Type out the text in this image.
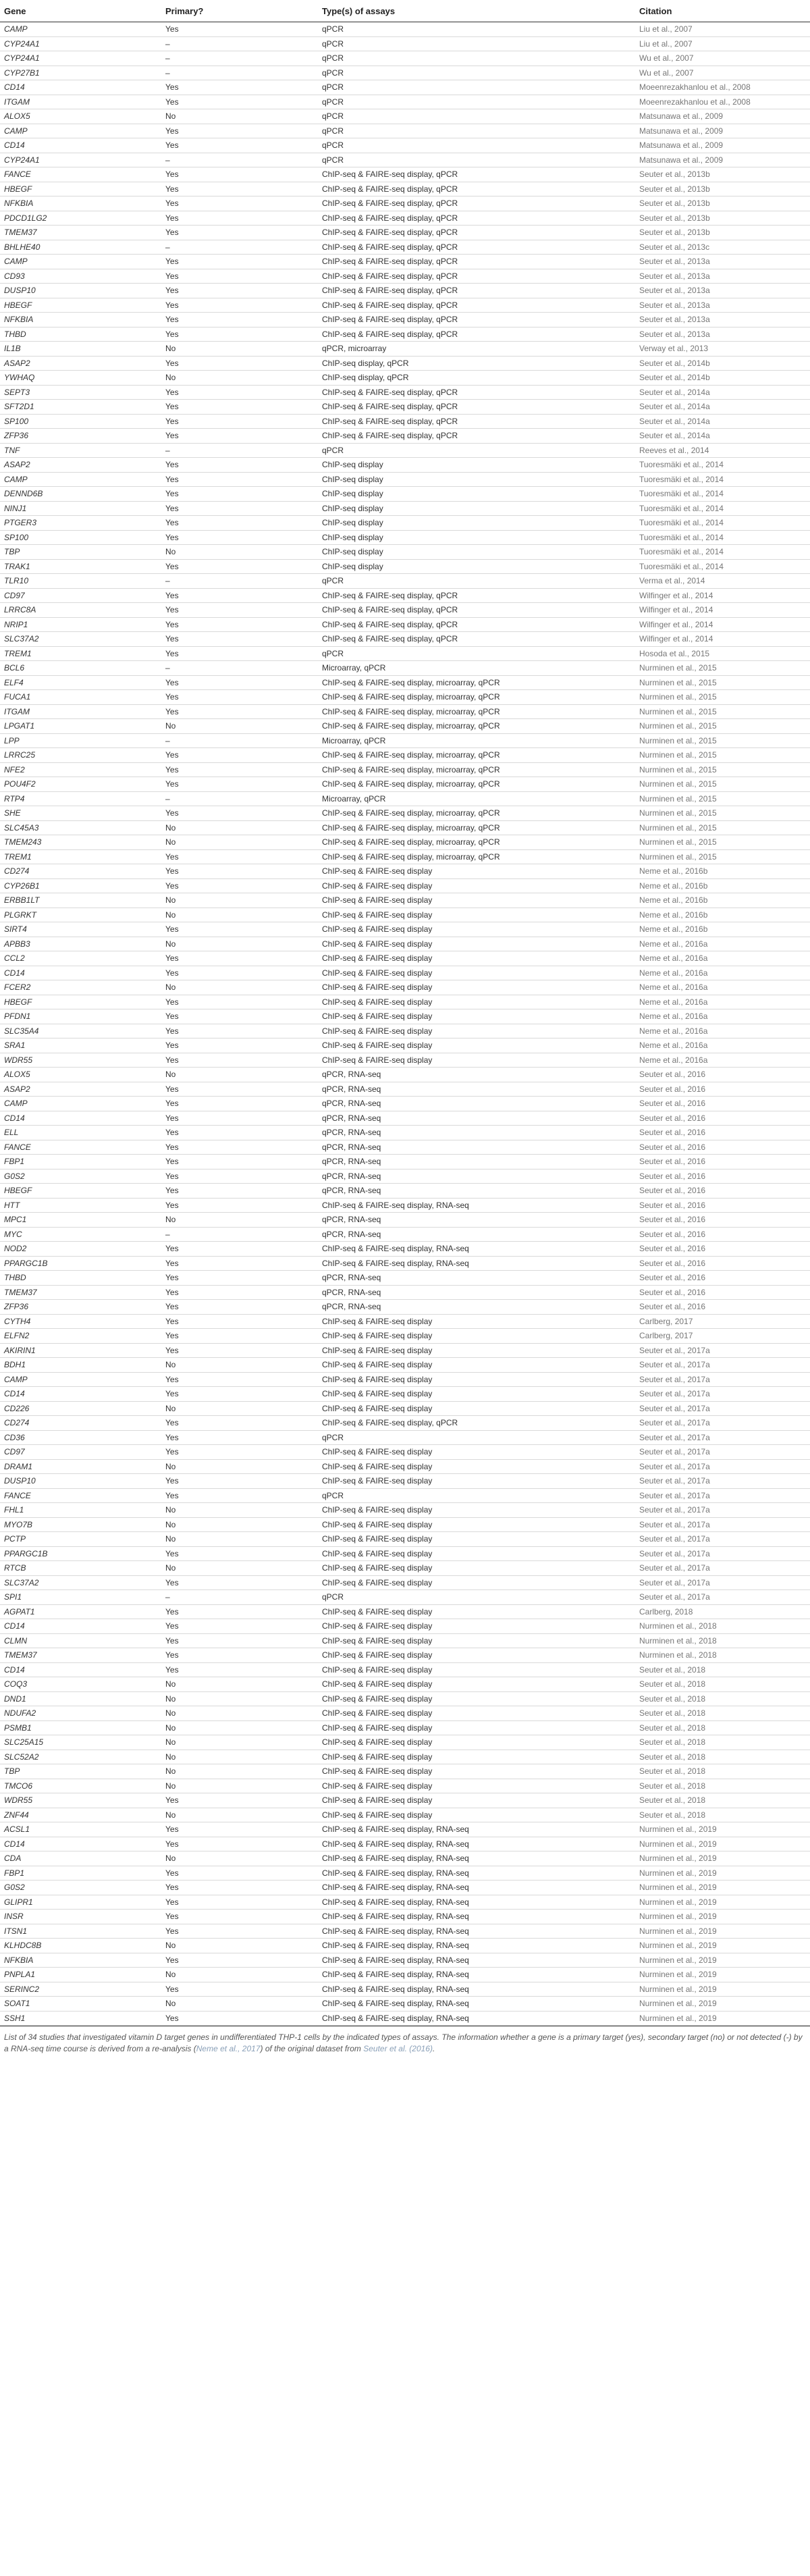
Gene	Primary?	Type(s) of assays	Citation
CAMP	Yes	qPCR	Liu et al., 2007
CYP24A1	–	qPCR	Liu et al., 2007
CYP24A1	–	qPCR	Wu et al., 2007
CYP27B1	–	qPCR	Wu et al., 2007
CD14	Yes	qPCR	Moeenrezakhanlou et al., 2008
ITGAM	Yes	qPCR	Moeenrezakhanlou et al., 2008
ALOX5	No	qPCR	Matsunawa et al., 2009
CAMP	Yes	qPCR	Matsunawa et al., 2009
CD14	Yes	qPCR	Matsunawa et al., 2009
CYP24A1	–	qPCR	Matsunawa et al., 2009
FANCE	Yes	ChIP-seq & FAIRE-seq display, qPCR	Seuter et al., 2013b
HBEGF	Yes	ChIP-seq & FAIRE-seq display, qPCR	Seuter et al., 2013b
NFKBIA	Yes	ChIP-seq & FAIRE-seq display, qPCR	Seuter et al., 2013b
PDCD1LG2	Yes	ChIP-seq & FAIRE-seq display, qPCR	Seuter et al., 2013b
TMEM37	Yes	ChIP-seq & FAIRE-seq display, qPCR	Seuter et al., 2013b
BHLHE40	–	ChIP-seq & FAIRE-seq display, qPCR	Seuter et al., 2013c
CAMP	Yes	ChIP-seq & FAIRE-seq display, qPCR	Seuter et al., 2013a
CD93	Yes	ChIP-seq & FAIRE-seq display, qPCR	Seuter et al., 2013a
DUSP10	Yes	ChIP-seq & FAIRE-seq display, qPCR	Seuter et al., 2013a
HBEGF	Yes	ChIP-seq & FAIRE-seq display, qPCR	Seuter et al., 2013a
NFKBIA	Yes	ChIP-seq & FAIRE-seq display, qPCR	Seuter et al., 2013a
THBD	Yes	ChIP-seq & FAIRE-seq display, qPCR	Seuter et al., 2013a
IL1B	No	qPCR, microarray	Verway et al., 2013
ASAP2	Yes	ChIP-seq display, qPCR	Seuter et al., 2014b
YWHAQ	No	ChIP-seq display, qPCR	Seuter et al., 2014b
SEPT3	Yes	ChIP-seq & FAIRE-seq display, qPCR	Seuter et al., 2014a
SFT2D1	Yes	ChIP-seq & FAIRE-seq display, qPCR	Seuter et al., 2014a
SP100	Yes	ChIP-seq & FAIRE-seq display, qPCR	Seuter et al., 2014a
ZFP36	Yes	ChIP-seq & FAIRE-seq display, qPCR	Seuter et al., 2014a
TNF	–	qPCR	Reeves et al., 2014
ASAP2	Yes	ChIP-seq display	Tuoresmäki et al., 2014
CAMP	Yes	ChIP-seq display	Tuoresmäki et al., 2014
DENND6B	Yes	ChIP-seq display	Tuoresmäki et al., 2014
NINJ1	Yes	ChIP-seq display	Tuoresmäki et al., 2014
PTGER3	Yes	ChIP-seq display	Tuoresmäki et al., 2014
SP100	Yes	ChIP-seq display	Tuoresmäki et al., 2014
TBP	No	ChIP-seq display	Tuoresmäki et al., 2014
TRAK1	Yes	ChIP-seq display	Tuoresmäki et al., 2014
TLR10	–	qPCR	Verma et al., 2014
CD97	Yes	ChIP-seq & FAIRE-seq display, qPCR	Wilfinger et al., 2014
LRRC8A	Yes	ChIP-seq & FAIRE-seq display, qPCR	Wilfinger et al., 2014
NRIP1	Yes	ChIP-seq & FAIRE-seq display, qPCR	Wilfinger et al., 2014
SLC37A2	Yes	ChIP-seq & FAIRE-seq display, qPCR	Wilfinger et al., 2014
TREM1	Yes	qPCR	Hosoda et al., 2015
BCL6	–	Microarray, qPCR	Nurminen et al., 2015
ELF4	Yes	ChIP-seq & FAIRE-seq display, microarray, qPCR	Nurminen et al., 2015
FUCA1	Yes	ChIP-seq & FAIRE-seq display, microarray, qPCR	Nurminen et al., 2015
ITGAM	Yes	ChIP-seq & FAIRE-seq display, microarray, qPCR	Nurminen et al., 2015
LPGAT1	No	ChIP-seq & FAIRE-seq display, microarray, qPCR	Nurminen et al., 2015
LPP	–	Microarray, qPCR	Nurminen et al., 2015
LRRC25	Yes	ChIP-seq & FAIRE-seq display, microarray, qPCR	Nurminen et al., 2015
NFE2	Yes	ChIP-seq & FAIRE-seq display, microarray, qPCR	Nurminen et al., 2015
POU4F2	Yes	ChIP-seq & FAIRE-seq display, microarray, qPCR	Nurminen et al., 2015
RTP4	–	Microarray, qPCR	Nurminen et al., 2015
SHE	Yes	ChIP-seq & FAIRE-seq display, microarray, qPCR	Nurminen et al., 2015
SLC45A3	No	ChIP-seq & FAIRE-seq display, microarray, qPCR	Nurminen et al., 2015
TMEM243	No	ChIP-seq & FAIRE-seq display, microarray, qPCR	Nurminen et al., 2015
TREM1	Yes	ChIP-seq & FAIRE-seq display, microarray, qPCR	Nurminen et al., 2015
CD274	Yes	ChIP-seq & FAIRE-seq display	Neme et al., 2016b
CYP26B1	Yes	ChIP-seq & FAIRE-seq display	Neme et al., 2016b
ERBB1LT	No	ChIP-seq & FAIRE-seq display	Neme et al., 2016b
PLGRKT	No	ChIP-seq & FAIRE-seq display	Neme et al., 2016b
SIRT4	Yes	ChIP-seq & FAIRE-seq display	Neme et al., 2016b
APBB3	No	ChIP-seq & FAIRE-seq display	Neme et al., 2016a
CCL2	Yes	ChIP-seq & FAIRE-seq display	Neme et al., 2016a
CD14	Yes	ChIP-seq & FAIRE-seq display	Neme et al., 2016a
FCER2	No	ChIP-seq & FAIRE-seq display	Neme et al., 2016a
HBEGF	Yes	ChIP-seq & FAIRE-seq display	Neme et al., 2016a
PFDN1	Yes	ChIP-seq & FAIRE-seq display	Neme et al., 2016a
SLC35A4	Yes	ChIP-seq & FAIRE-seq display	Neme et al., 2016a
SRA1	Yes	ChIP-seq & FAIRE-seq display	Neme et al., 2016a
WDR55	Yes	ChIP-seq & FAIRE-seq display	Neme et al., 2016a
ALOX5	No	qPCR, RNA-seq	Seuter et al., 2016
ASAP2	Yes	qPCR, RNA-seq	Seuter et al., 2016
CAMP	Yes	qPCR, RNA-seq	Seuter et al., 2016
CD14	Yes	qPCR, RNA-seq	Seuter et al., 2016
ELL	Yes	qPCR, RNA-seq	Seuter et al., 2016
FANCE	Yes	qPCR, RNA-seq	Seuter et al., 2016
FBP1	Yes	qPCR, RNA-seq	Seuter et al., 2016
G0S2	Yes	qPCR, RNA-seq	Seuter et al., 2016
HBEGF	Yes	qPCR, RNA-seq	Seuter et al., 2016
HTT	Yes	ChIP-seq & FAIRE-seq display, RNA-seq	Seuter et al., 2016
MPC1	No	qPCR, RNA-seq	Seuter et al., 2016
MYC	–	qPCR, RNA-seq	Seuter et al., 2016
NOD2	Yes	ChIP-seq & FAIRE-seq display, RNA-seq	Seuter et al., 2016
PPARGC1B	Yes	ChIP-seq & FAIRE-seq display, RNA-seq	Seuter et al., 2016
THBD	Yes	qPCR, RNA-seq	Seuter et al., 2016
TMEM37	Yes	qPCR, RNA-seq	Seuter et al., 2016
ZFP36	Yes	qPCR, RNA-seq	Seuter et al., 2016
CYTH4	Yes	ChIP-seq & FAIRE-seq display	Carlberg, 2017
ELFN2	Yes	ChIP-seq & FAIRE-seq display	Carlberg, 2017
AKIRIN1	Yes	ChIP-seq & FAIRE-seq display	Seuter et al., 2017a
BDH1	No	ChIP-seq & FAIRE-seq display	Seuter et al., 2017a
CAMP	Yes	ChIP-seq & FAIRE-seq display	Seuter et al., 2017a
CD14	Yes	ChIP-seq & FAIRE-seq display	Seuter et al., 2017a
CD226	No	ChIP-seq & FAIRE-seq display	Seuter et al., 2017a
CD274	Yes	ChIP-seq & FAIRE-seq display, qPCR	Seuter et al., 2017a
CD36	Yes	qPCR	Seuter et al., 2017a
CD97	Yes	ChIP-seq & FAIRE-seq display	Seuter et al., 2017a
DRAM1	No	ChIP-seq & FAIRE-seq display	Seuter et al., 2017a
DUSP10	Yes	ChIP-seq & FAIRE-seq display	Seuter et al., 2017a
FANCE	Yes	qPCR	Seuter et al., 2017a
FHL1	No	ChIP-seq & FAIRE-seq display	Seuter et al., 2017a
MYO7B	No	ChIP-seq & FAIRE-seq display	Seuter et al., 2017a
PCTP	No	ChIP-seq & FAIRE-seq display	Seuter et al., 2017a
PPARGC1B	Yes	ChIP-seq & FAIRE-seq display	Seuter et al., 2017a
RTCB	No	ChIP-seq & FAIRE-seq display	Seuter et al., 2017a
SLC37A2	Yes	ChIP-seq & FAIRE-seq display	Seuter et al., 2017a
SPI1	–	qPCR	Seuter et al., 2017a
AGPAT1	Yes	ChIP-seq & FAIRE-seq display	Carlberg, 2018
CD14	Yes	ChIP-seq & FAIRE-seq display	Nurminen et al., 2018
CLMN	Yes	ChIP-seq & FAIRE-seq display	Nurminen et al., 2018
TMEM37	Yes	ChIP-seq & FAIRE-seq display	Nurminen et al., 2018
CD14	Yes	ChIP-seq & FAIRE-seq display	Seuter et al., 2018
COQ3	No	ChIP-seq & FAIRE-seq display	Seuter et al., 2018
DND1	No	ChIP-seq & FAIRE-seq display	Seuter et al., 2018
NDUFA2	No	ChIP-seq & FAIRE-seq display	Seuter et al., 2018
PSMB1	No	ChIP-seq & FAIRE-seq display	Seuter et al., 2018
SLC25A15	No	ChIP-seq & FAIRE-seq display	Seuter et al., 2018
SLC52A2	No	ChIP-seq & FAIRE-seq display	Seuter et al., 2018
TBP	No	ChIP-seq & FAIRE-seq display	Seuter et al., 2018
TMCO6	No	ChIP-seq & FAIRE-seq display	Seuter et al., 2018
WDR55	Yes	ChIP-seq & FAIRE-seq display	Seuter et al., 2018
ZNF44	No	ChIP-seq & FAIRE-seq display	Seuter et al., 2018
ACSL1	Yes	ChIP-seq & FAIRE-seq display, RNA-seq	Nurminen et al., 2019
CD14	Yes	ChIP-seq & FAIRE-seq display, RNA-seq	Nurminen et al., 2019
CDA	No	ChIP-seq & FAIRE-seq display, RNA-seq	Nurminen et al., 2019
FBP1	Yes	ChIP-seq & FAIRE-seq display, RNA-seq	Nurminen et al., 2019
G0S2	Yes	ChIP-seq & FAIRE-seq display, RNA-seq	Nurminen et al., 2019
GLIPR1	Yes	ChIP-seq & FAIRE-seq display, RNA-seq	Nurminen et al., 2019
INSR	Yes	ChIP-seq & FAIRE-seq display, RNA-seq	Nurminen et al., 2019
ITSN1	Yes	ChIP-seq & FAIRE-seq display, RNA-seq	Nurminen et al., 2019
KLHDC8B	No	ChIP-seq & FAIRE-seq display, RNA-seq	Nurminen et al., 2019
NFKBIA	Yes	ChIP-seq & FAIRE-seq display, RNA-seq	Nurminen et al., 2019
PNPLA1	No	ChIP-seq & FAIRE-seq display, RNA-seq	Nurminen et al., 2019
SERINC2	Yes	ChIP-seq & FAIRE-seq display, RNA-seq	Nurminen et al., 2019
SOAT1	No	ChIP-seq & FAIRE-seq display, RNA-seq	Nurminen et al., 2019
SSH1	Yes	ChIP-seq & FAIRE-seq display, RNA-seq	Nurminen et al., 2019
List of 34 studies that investigated vitamin D target genes in undifferentiated THP-1 cells by the indicated types of assays. The information whether a gene is a primary target (yes), secondary target (no) or not detected (-) by a RNA-seq time course is derived from a re-analysis (Neme et al., 2017) of the original dataset from Seuter et al. (2016).
